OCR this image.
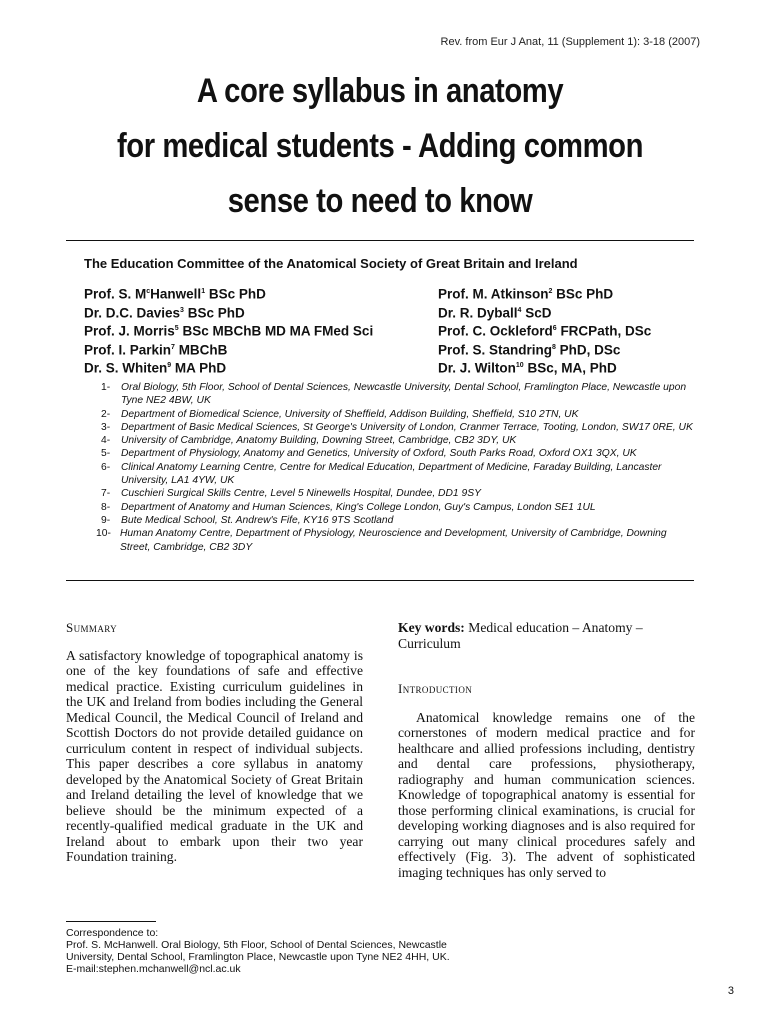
Rev. from Eur J Anat, 11 (Supplement 1): 3-18 (2007)
A core syllabus in anatomy
for medical students - Adding common
sense to need to know
The Education Committee of the Anatomical Society of Great Britain and Ireland
Prof. S. $M^cHanwell^1$ BSc PhD
Dr. D.C. Davies$^3$ BSc PhD
Prof. J. Morris$^5$ BSc MBChB MD MA FMed Sci
Prof. I. Parkin$^7$ MBChB
Dr. S. Whiten$^9$ MA PhD
Prof. M. Atkinson$^2$ BSc PhD
Dr. R. Dyball$^4$ ScD
Prof. C. Ockleford$^6$ FRCPath, DSc
Prof. S. Standring$^8$ PhD, DSc
Dr. J. Wilton$^{10}$ BSc, MA, PhD
1-	Oral Biology, 5th Floor, School of Dental Sciences, Newcastle University, Dental School, Framlington Place, Newcastle upon Tyne NE2 4BW, UK
2-	Department of Biomedical Science, University of Sheffield, Addison Building, Sheffield, S10 2TN, UK
3-	Department of Basic Medical Sciences, St George's University of London, Cranmer Terrace, Tooting, London, SW17 0RE, UK
4-	University of Cambridge, Anatomy Building, Downing Street, Cambridge, CB2 3DY, UK
5-	Department of Physiology, Anatomy and Genetics, University of Oxford, South Parks Road, Oxford OX1 3QX, UK
6-	Clinical Anatomy Learning Centre, Centre for Medical Education, Department of Medicine, Faraday Building, Lancaster University, LA1 4YW, UK
7-	Cuschieri Surgical Skills Centre, Level 5 Ninewells Hospital, Dundee, DD1 9SY
8-	Department of Anatomy and Human Sciences, King's College London, Guy's Campus, London SE1 1UL
9-	Bute Medical School, St. Andrew's Fife, KY16 9TS Scotland
10- Human Anatomy Centre, Department of Physiology, Neuroscience and Development, University of Cambridge, Downing Street, Cambridge, CB2 3DY
Summary
A satisfactory knowledge of topographical anatomy is one of the key foundations of safe and effective medical practice. Existing curriculum guidelines in the UK and Ireland from bodies including the General Medical Council, the Medical Council of Ireland and Scottish Doctors do not provide detailed guidance on curriculum content in respect of individual subjects. This paper describes a core syllabus in anatomy developed by the Anatomical Society of Great Britain and Ireland detailing the level of knowledge that we believe should be the minimum expected of a recently-qualified medical graduate in the UK and Ireland about to embark upon their two year Foundation training.
Key words: Medical education – Anatomy – Curriculum
Introduction
Anatomical knowledge remains one of the cornerstones of modern medical practice and for healthcare and allied professions including, dentistry and dental care professions, physiotherapy, radiography and human communication sciences. Knowledge of topographical anatomy is essential for those performing clinical examinations, is crucial for developing working diagnoses and is also required for carrying out many clinical procedures safely and effectively (Fig. 3). The advent of sophisticated imaging techniques has only served to
Correspondence to:
Prof. S. McHanwell. Oral Biology, 5th Floor, School of Dental Sciences, Newcastle
University, Dental School, Framlington Place, Newcastle upon Tyne NE2 4HH, UK.
E-mail:stephen.mchanwell@ncl.ac.uk
3
